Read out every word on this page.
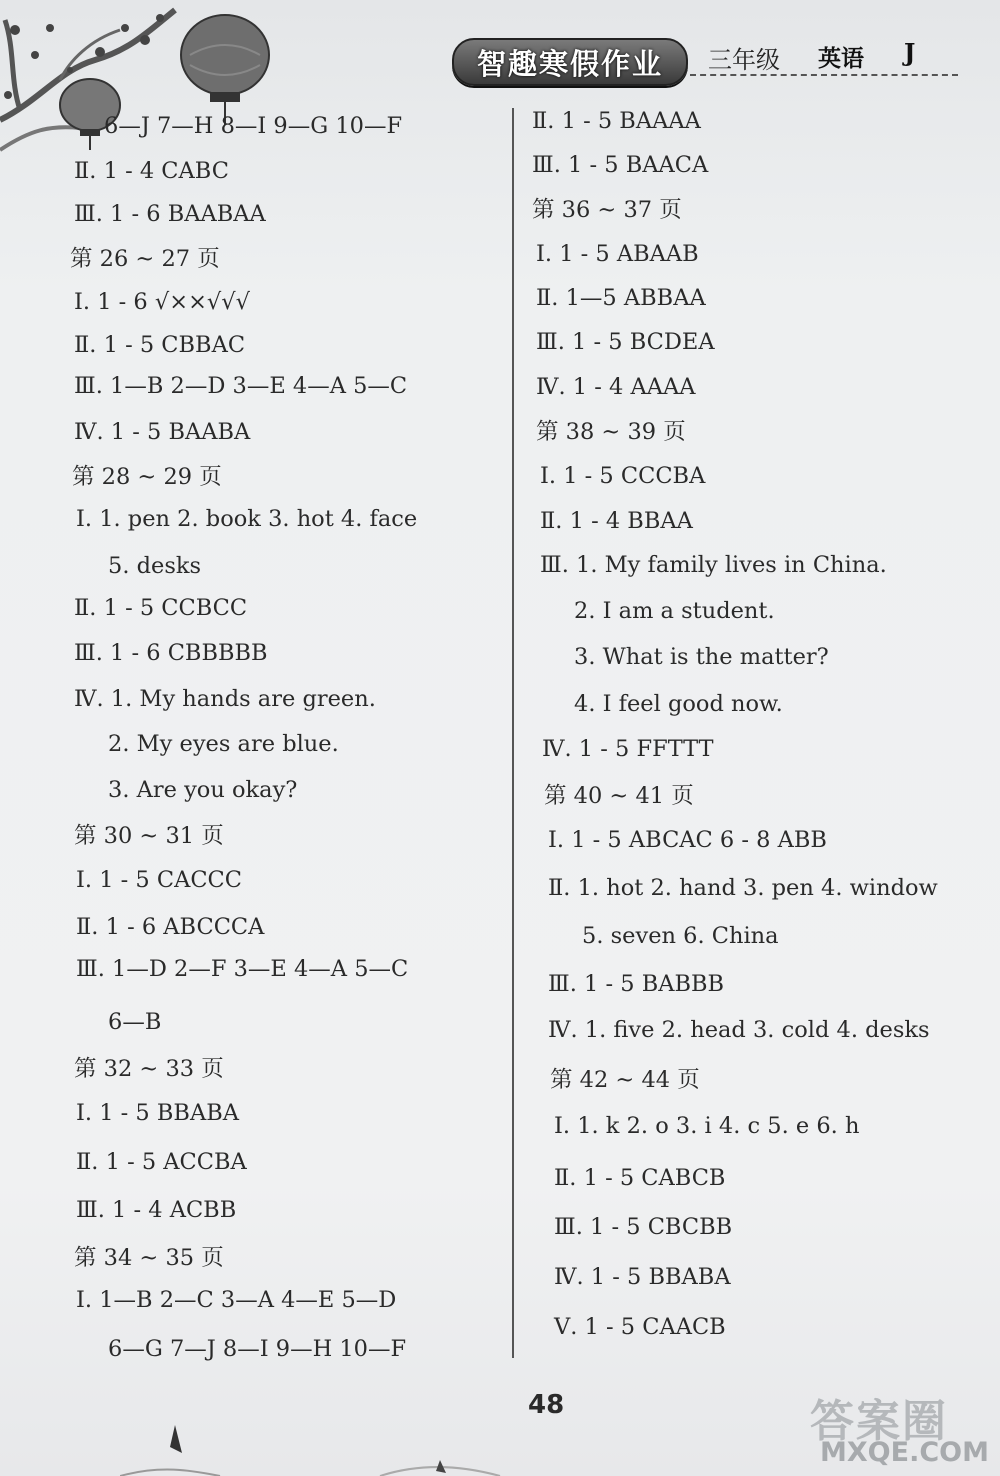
智趣寒假作业	三年级 英语 J
6—J 7—H 8—I 9—G 10—F
Ⅱ. 1 - 4 CABC
Ⅲ. 1 - 6 BAABAA
第 26 ~ 27 页
Ⅰ. 1 - 6 √××√√√
Ⅱ. 1 - 5 CBBAC
Ⅲ. 1—B 2—D 3—E 4—A 5—C
Ⅳ. 1 - 5 BAABA
第 28 ~ 29 页
Ⅰ. 1. pen 2. book 3. hot 4. face
5. desks
Ⅱ. 1 - 5 CCBCC
Ⅲ. 1 - 6 CBBBBB
Ⅳ. 1. My hands are green.
2. My eyes are blue.
3. Are you okay?
第 30 ~ 31 页
Ⅰ. 1 - 5 CACCC
Ⅱ. 1 - 6 ABCCCA
Ⅲ. 1—D 2—F 3—E 4—A 5—C
6—B
第 32 ~ 33 页
Ⅰ. 1 - 5 BBABA
Ⅱ. 1 - 5 ACCBA
Ⅲ. 1 - 4 ACBB
第 34 ~ 35 页
Ⅰ. 1—B 2—C 3—A 4—E 5—D
6—G 7—J 8—I 9—H 10—F
Ⅱ. 1 - 5 BAAAA
Ⅲ. 1 - 5 BAACA
第 36 ~ 37 页
Ⅰ. 1 - 5 ABAAB
Ⅱ. 1—5 ABBAA
Ⅲ. 1 - 5 BCDEA
Ⅳ. 1 - 4 AAAA
第 38 ~ 39 页
Ⅰ. 1 - 5 CCCBA
Ⅱ. 1 - 4 BBAA
Ⅲ. 1. My family lives in China.
2. I am a student.
3. What is the matter?
4. I feel good now.
Ⅳ. 1 - 5 FFTTT
第 40 ~ 41 页
Ⅰ. 1 - 5 ABCAC 6 - 8 ABB
Ⅱ. 1. hot 2. hand 3. pen 4. window
5. seven 6. China
Ⅲ. 1 - 5 BABBB
Ⅳ. 1. five 2. head 3. cold 4. desks
第 42 ~ 44 页
Ⅰ. 1. k 2. o 3. i 4. c 5. e 6. h
Ⅱ. 1 - 5 CABCB
Ⅲ. 1 - 5 CBCBB
Ⅳ. 1 - 5 BBABA
Ⅴ. 1 - 5 CAACB
48	答案圈
MXQE.COM
